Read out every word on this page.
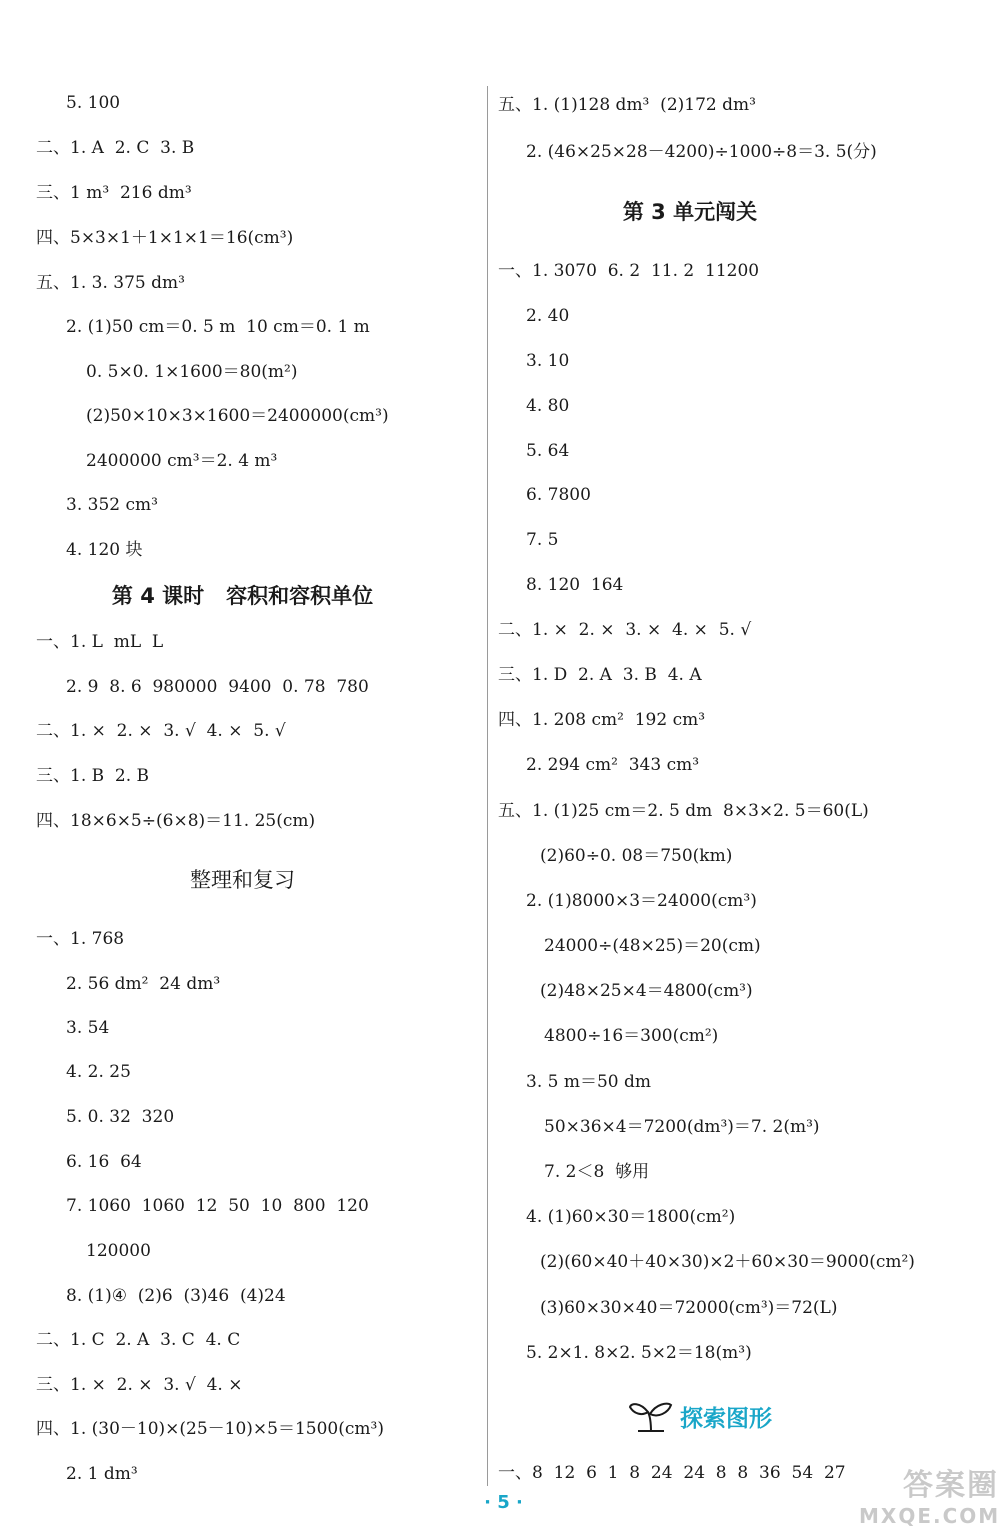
5. 100
二、1. A  2. C  3. B
三、1 m³  216 dm³
四、5×3×1＋1×1×1＝16(cm³)
五、1. 3. 375 dm³
2. (1)50 cm＝0. 5 m  10 cm＝0. 1 m
0. 5×0. 1×1600＝80(m²)
(2)50×10×3×1600＝2400000(cm³)
2400000 cm³＝2. 4 m³
3. 352 cm³
4. 120 块
第 4 课时   容积和容积单位
一、1. L  mL  L
2. 9  8. 6  980000  9400  0. 78  780
二、1. ×  2. ×  3. √  4. ×  5. √
三、1. B  2. B
四、18×6×5÷(6×8)＝11. 25(cm)
整理和复习
一、1. 768
2. 56 dm²  24 dm³
3. 54
4. 2. 25
5. 0. 32  320
6. 16  64
7. 1060  1060  12  50  10  800  120
120000
8. (1)④  (2)6  (3)46  (4)24
二、1. C  2. A  3. C  4. C
三、1. ×  2. ×  3. √  4. ×
四、1. (30－10)×(25－10)×5＝1500(cm³)
2. 1 dm³
五、1. (1)128 dm³  (2)172 dm³
2. (46×25×28－4200)÷1000÷8＝3. 5(分)
第 3 单元闯关
一、1. 3070  6. 2  11. 2  11200
2. 40
3. 10
4. 80
5. 64
6. 7800
7. 5
8. 120  164
二、1. ×  2. ×  3. ×  4. ×  5. √
三、1. D  2. A  3. B  4. A
四、1. 208 cm²  192 cm³
2. 294 cm²  343 cm³
五、1. (1)25 cm＝2. 5 dm  8×3×2. 5＝60(L)
(2)60÷0. 08＝750(km)
2. (1)8000×3＝24000(cm³)
24000÷(48×25)＝20(cm)
(2)48×25×4＝4800(cm³)
4800÷16＝300(cm²)
3. 5 m＝50 dm
50×36×4＝7200(dm³)＝7. 2(m³)
7. 2＜8  够用
4. (1)60×30＝1800(cm²)
(2)(60×40＋40×30)×2＋60×30＝9000(cm²)
(3)60×30×40＝72000(cm³)＝72(L)
5. 2×1. 8×2. 5×2＝18(m³)
一、8  12  6  1  8  24  24  8  8  36  54  27
探索图形
· 5 ·	答案圈
MXQE.COM
